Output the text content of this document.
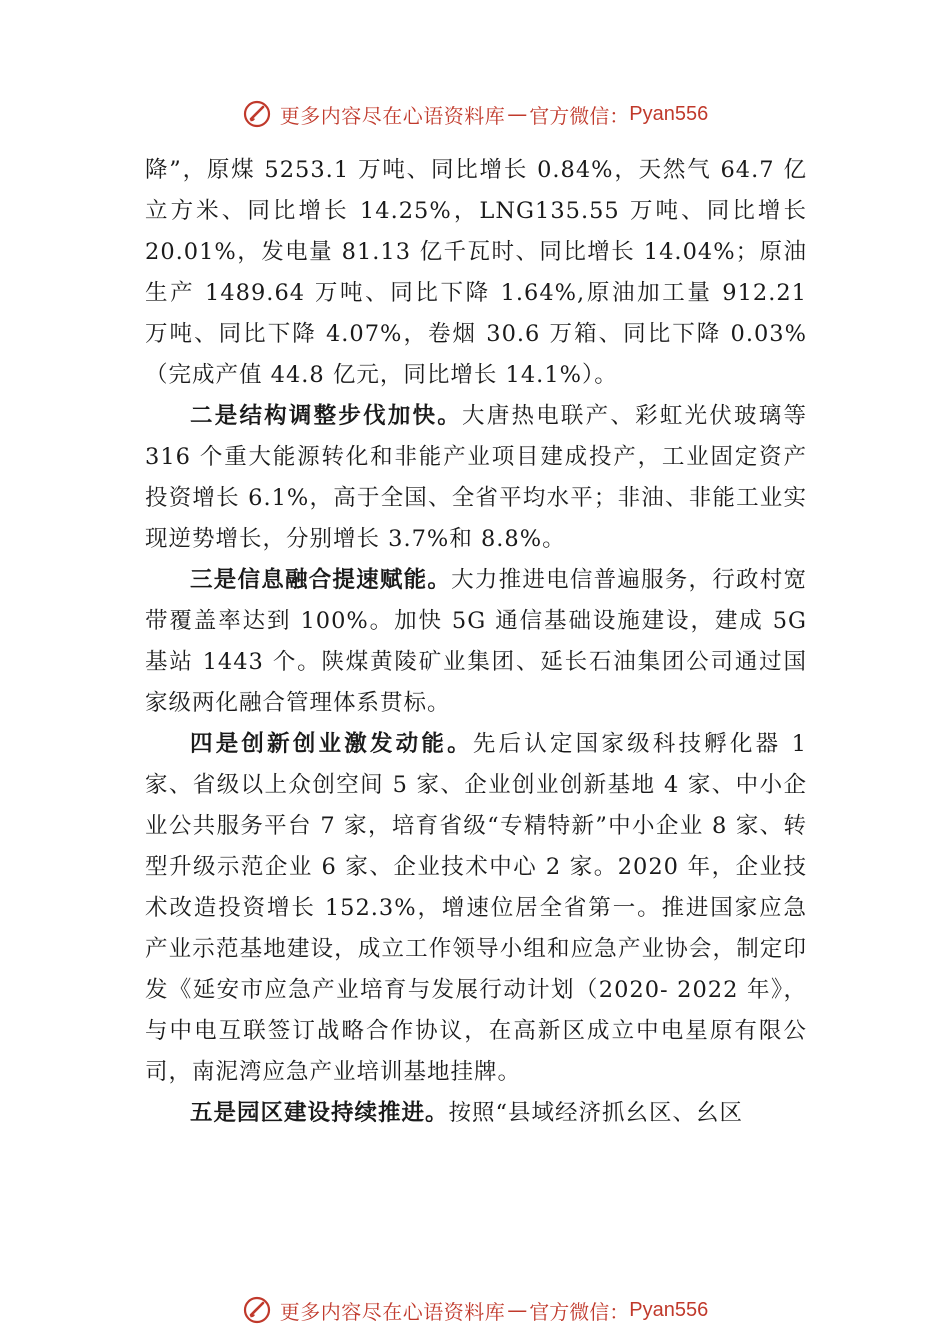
更多内容尽在心语资料库 — 官方微信： Pyan556

降”，原煤 5253.1 万吨、同比增长 0.84%，天然气 64.7 亿立方米、同比增长 14.25%，LNG135.55 万吨、同比增长 20.01%，发电量 81.13 亿千瓦时、同比增长 14.04%；原油生产 1489.64 万吨、同比下降 1.64%,原油加工量 912.21 万吨、同比下降 4.07%，卷烟 30.6 万箱、同比下降 0.03%（完成产值 44.8 亿元，同比增长 14.1%）。

二是结构调整步伐加快。大唐热电联产、彩虹光伏玻璃等 316 个重大能源转化和非能产业项目建成投产，工业固定资产投资增长 6.1%，高于全国、全省平均水平；非油、非能工业实现逆势增长，分别增长 3.7%和 8.8%。

三是信息融合提速赋能。大力推进电信普遍服务，行政村宽带覆盖率达到 100%。加快 5G 通信基础设施建设，建成 5G 基站 1443 个。陕煤黄陵矿业集团、延长石油集团公司通过国家级两化融合管理体系贯标。

四是创新创业激发动能。先后认定国家级科技孵化器 1 家、省级以上众创空间 5 家、企业创业创新基地 4 家、中小企业公共服务平台 7 家，培育省级“专精特新”中小企业 8 家、转型升级示范企业 6 家、企业技术中心 2 家。2020 年，企业技术改造投资增长 152.3%，增速位居全省第一。推进国家应急产业示范基地建设，成立工作领导小组和应急产业协会，制定印发《延安市应急产业培育与发展行动计划（2020- 2022 年》，与中电互联签订战略合作协议，在高新区成立中电星原有限公司，南泥湾应急产业培训基地挂牌。

五是园区建设持续推进。按照“县域经济抓⼳区、⼳区

更多内容尽在心语资料库 — 官方微信： Pyan556
